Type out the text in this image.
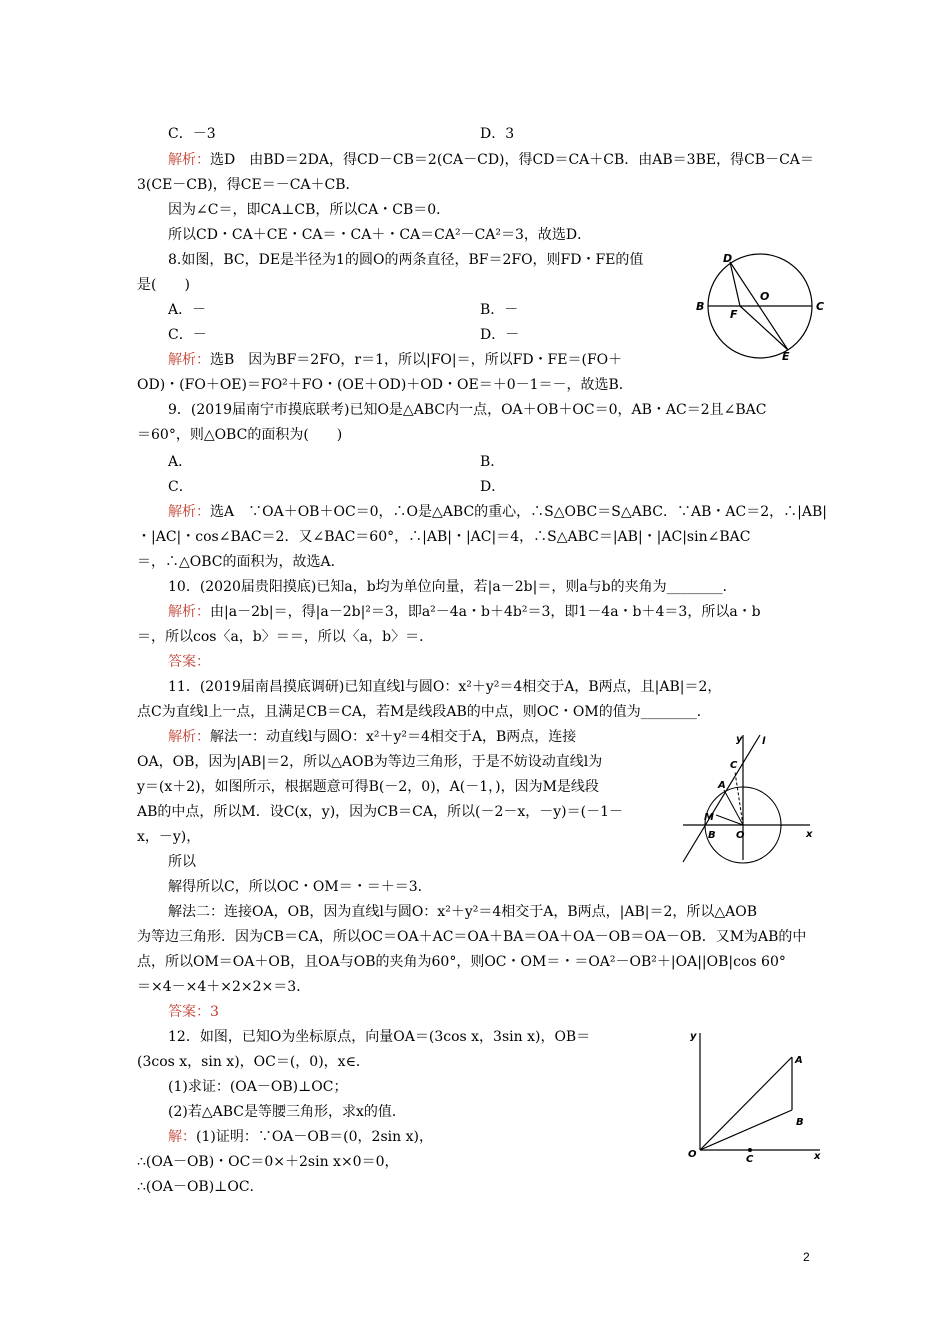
C．－3	D．3
解析：选D　由BD＝2DA，得CD－CB＝2(CA－CD)，得CD＝CA＋CB．由AB＝3BE，得CB－CA＝
3(CE－CB)，得CE＝－CA＋CB．
因为∠C＝，即CA⊥CB，所以CA・CB＝0．
所以CD・CA＋CE・CA＝・CA＋・CA＝CA²－CA²＝3，故选D．
8.如图，BC，DE是半径为1的圆O的两条直径，BF＝2FO，则FD・FE的值
是(　　)
A．－	B．－
C．－	D．－
解析：选B　因为BF＝2FO，r＝1，所以|FO|＝，所以FD・FE＝(FO＋
OD)・(FO＋OE)＝FO²＋FO・(OE＋OD)＋OD・OE＝＋0－1＝－，故选B．
9．(2019届南宁市摸底联考)已知O是△ABC内一点，OA＋OB＋OC＝0，AB・AC＝2且∠BAC
＝60°，则△OBC的面积为(　　)
A．	B．
C．	D．
解析：选A　∵OA＋OB＋OC＝0，∴O是△ABC的重心，∴S△OBC＝S△ABC．∵AB・AC＝2，∴|AB|
・|AC|・cos∠BAC＝2．又∠BAC＝60°，∴|AB|・|AC|＝4，∴S△ABC＝|AB|・|AC|sin∠BAC
＝，∴△OBC的面积为，故选A．
10．(2020届贵阳摸底)已知a，b均为单位向量，若|a－2b|＝，则a与b的夹角为________．
解析：由|a－2b|＝，得|a－2b|²＝3，即a²－4a・b＋4b²＝3，即1－4a・b＋4＝3，所以a・b
＝，所以cos〈a，b〉＝＝，所以〈a，b〉＝．
答案：
11．(2019届南昌摸底调研)已知直线l与圆O：x²＋y²＝4相交于A，B两点，且|AB|＝2，
点C为直线l上一点，且满足CB＝CA，若M是线段AB的中点，则OC・OM的值为________．
解析：解法一：动直线l与圆O：x²＋y²＝4相交于A，B两点，连接
OA，OB，因为|AB|＝2，所以△AOB为等边三角形，于是不妨设动直线l为
y＝(x＋2)，如图所示，根据题意可得B(－2，0)，A(－1，)，因为M是线段
AB的中点，所以M．设C(x，y)，因为CB＝CA，所以(－2－x，－y)＝(－1－
x，－y)，
所以
解得所以C，所以OC・OM＝・＝＋＝3．
解法二：连接OA，OB，因为直线l与圆O：x²＋y²＝4相交于A，B两点，|AB|＝2，所以△AOB
为等边三角形．因为CB＝CA，所以OC＝OA＋AC＝OA＋BA＝OA＋OA－OB＝OA－OB．又M为AB的中
点，所以OM＝OA＋OB，且OA与OB的夹角为60°，则OC・OM＝・＝OA²－OB²＋|OA||OB|cos 60°
＝×4－×4＋×2×2×＝3．
答案：3
12．如图，已知O为坐标原点，向量OA＝(3cos x，3sin x)，OB＝
(3cos x，sin x)，OC＝(，0)，x∈．
(1)求证：(OA－OB)⊥OC；
(2)若△ABC是等腰三角形，求x的值．
解：(1)证明：∵OA－OB＝(0，2sin x)，
∴(OA－OB)・OC＝0×＋2sin x×0＝0，
∴(OA－OB)⊥OC．
D
O
B	C
F
E
y l
C
A
M
B O	x
y
A
B
O	C	x
2
